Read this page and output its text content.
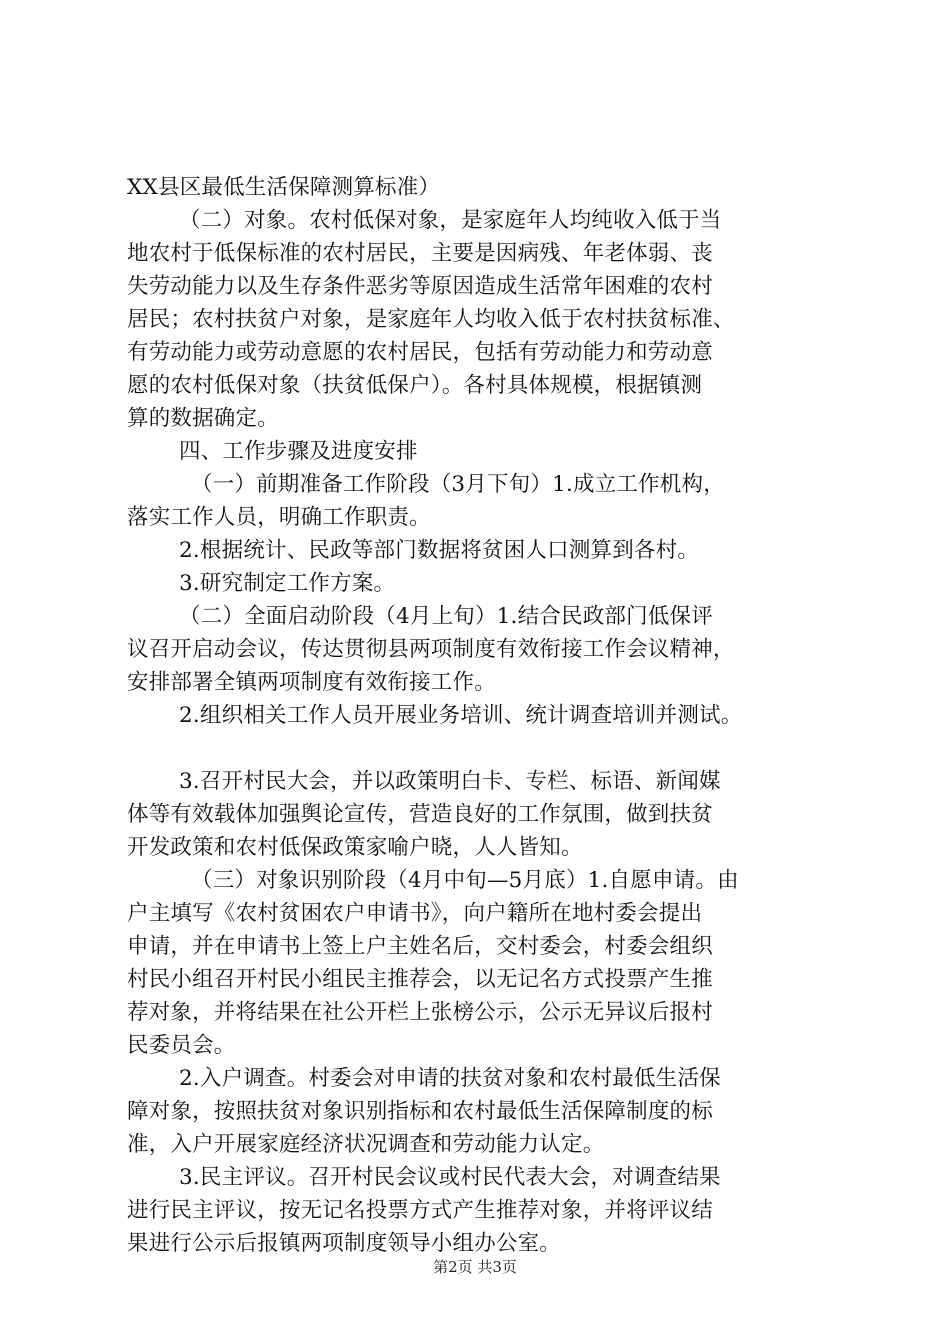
XX县区最低生活保障测算标准）
（二）对象。农村低保对象，是家庭年人均纯收入低于当
地农村于低保标准的农村居民，主要是因病残、年老体弱、丧
失劳动能力以及生存条件恶劣等原因造成生活常年困难的农村
居民；农村扶贫户对象，是家庭年人均收入低于农村扶贫标准、
有劳动能力或劳动意愿的农村居民，包括有劳动能力和劳动意
愿的农村低保对象（扶贫低保户）。各村具体规模，根据镇测
算的数据确定。
四、工作步骤及进度安排
（一）前期准备工作阶段（3月下旬）1.成立工作机构，
落实工作人员，明确工作职责。
2.根据统计、民政等部门数据将贫困人口测算到各村。
3.研究制定工作方案。
（二）全面启动阶段（4月上旬）1.结合民政部门低保评
议召开启动会议，传达贯彻县两项制度有效衔接工作会议精神，
安排部署全镇两项制度有效衔接工作。
2.组织相关工作人员开展业务培训、统计调查培训并测试。
3.召开村民大会，并以政策明白卡、专栏、标语、新闻媒
体等有效载体加强舆论宣传，营造良好的工作氛围，做到扶贫
开发政策和农村低保政策家喻户晓，人人皆知。
（三）对象识别阶段（4月中旬—5月底）1.自愿申请。由
户主填写《农村贫困农户申请书》，向户籍所在地村委会提出
申请，并在申请书上签上户主姓名后，交村委会，村委会组织
村民小组召开村民小组民主推荐会，以无记名方式投票产生推
荐对象，并将结果在社公开栏上张榜公示，公示无异议后报村
民委员会。
2.入户调查。村委会对申请的扶贫对象和农村最低生活保
障对象，按照扶贫对象识别指标和农村最低生活保障制度的标
准，入户开展家庭经济状况调查和劳动能力认定。
3.民主评议。召开村民会议或村民代表大会，对调查结果
进行民主评议，按无记名投票方式产生推荐对象，并将评议结
果进行公示后报镇两项制度领导小组办公室。
第2页 共3页
